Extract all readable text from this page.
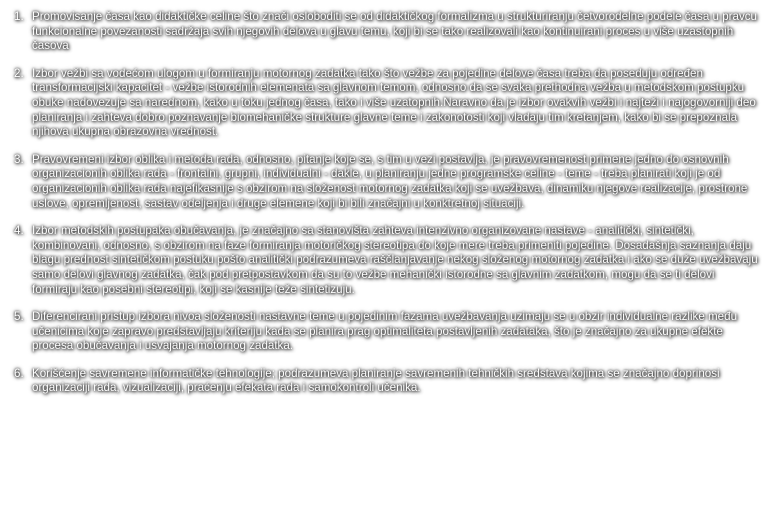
1. Promovisanje časa kao didaktičke celine što znači osloboditi se od didaktičkog formalizma u strukturiranju četvorodelne podele časa u pravcu funkcionalne povezanosti sadržaja svih njegovih delova u glavu temu, koji bi se tako realizovali kao kontinuirani proces u više uzastopnih časova
2. Izbor vežbi sa vodećom ulogom u formiranju motornog zadatka tako što vežbe za pojedine delove časa treba da poseduju određen transformacijski kapacitet - vežbe istorodnih elemenata sa glavnom temom, odnosno da se svaka prethodna vežba u metodskom postupku obuke nadovezuje sa narednom, kako u toku jednog časa, tako i više uzatopnih.Naravno da je izbor ovakvih vežbi i najteži i najogovorniji deo planiranja i zahteva dobro poznavanje biomehaničke strukture glavne teme i zakonotosti koji vladaju tim kretanjem, kako bi se prepoznala njihova ukupna obrazovna vrednost.
3. Pravovremeni izbor oblika i metoda rada, odnosno, pitanje koje se, s tim u vezi postavlja, je pravovremenost primene jedno do osnovnih organizacionih oblika rada - frontalni, grupni, individualni - dakle, u planiranju jedne programske celine - teme - treba planirati koji je od organizacionih oblika rada najefikasnije s obzirom na složenost motornog zadatka koji se uvežbava, dinamiku njegove realizacije, prostrone uslove, opremljenost, sastav odeljenja i druge elemene koji bi bili značajni u konktretnoj situaciji.
4. Izbor metodskih postupaka obučavanja, je značajno sa stanovišta zahteva intenzivno organizovane nastave - analitički, sintetički, kombinovani, odnosno, s obzirom na faze formiranja motoričkog stereotipa do koje mere treba primeniti pojedine. Dosadašnja saznanja daju blagu prednost sintetičkom postuku pošto analitički podrazumeva raščlanjavanje nekog složenog motornog zadatka i ako se duže uvežbavaju samo delovi glavnog zadatka, čak pod pretpostavkom da su to vežbe mehanički istorodne sa glavnim zadatkom, mogu da se ti delovi formiraju kao posebni stereotipi, koji se kasnije teže sintetizuju.
5. Diferencirani pristup izbora nivoa složenosti nastavne teme u pojedinim fazama uvežbavanja uzimaju se u obzir individualne razlike među učenicima koje zapravo predstavljaju kriteriju kada se planira prag optimaliteta postavljenih zadataka, što je značajno za ukupne efekte procesa obučavanja i usvajanja motornog zadatka.
6. Korišćenje savremene informatičke tehnologije; podrazumeva planiranje savremenih tehničkih sredstava kojima se značajno doprinosi organizaciji rada, vizualizaciji, praćenju efekata rada i samokontroli učenika.
